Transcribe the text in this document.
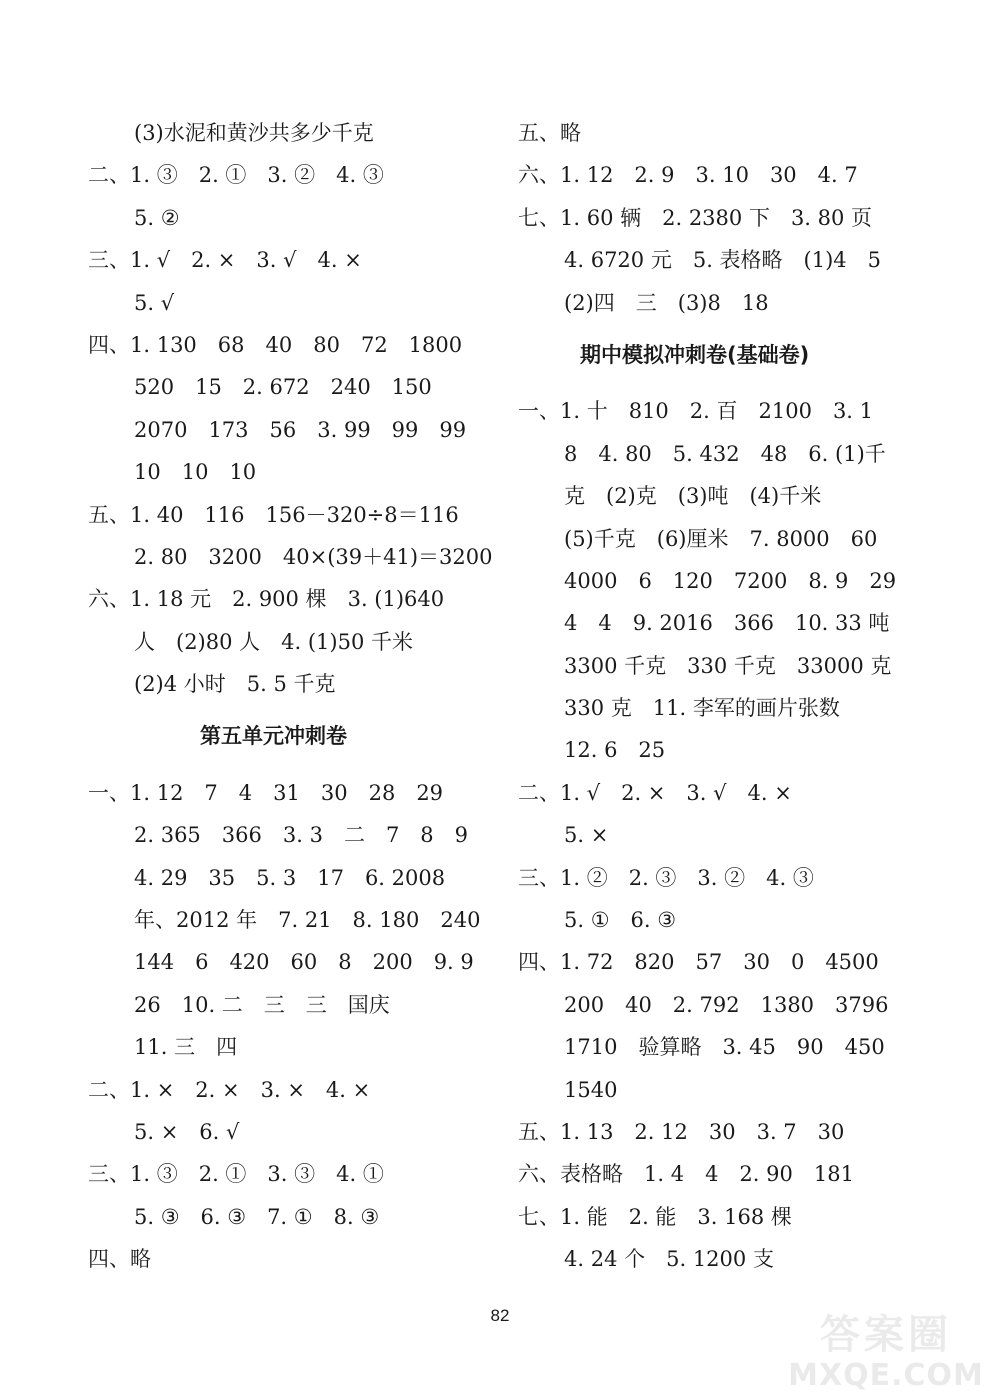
(3)水泥和黄沙共多少千克
二、1. ③　2. ①　3. ②　4. ③
5. ②
三、1. √　2. ×　3. √　4. ×
5. √
四、1. 130　68　40　80　72　1800
520　15　2. 672　240　150
2070　173　56　3. 99　99　99
10　10　10
五、1. 40　116　156－320÷8＝116
2. 80　3200　40×(39＋41)＝3200
六、1. 18 元　2. 900 棵　3. (1)640
人　(2)80 人　4. (1)50 千米
(2)4 小时　5. 5 千克
第五单元冲刺卷
一、1. 12　7　4　31　30　28　29
2. 365　366　3. 3　二　7　8　9
4. 29　35　5. 3　17　6. 2008
年、2012 年　7. 21　8. 180　240
144　6　420　60　8　200　9. 9
26　10. 二　三　三　国庆
11. 三　四
二、1. ×　2. ×　3. ×　4. ×
5. ×　6. √
三、1. ③　2. ①　3. ③　4. ①
5. ③　6. ③　7. ①　8. ③
四、略
五、略
六、1. 12　2. 9　3. 10　30　4. 7
七、1. 60 辆　2. 2380 下　3. 80 页
4. 6720 元　5. 表格略　(1)4　5
(2)四　三　(3)8　18
期中模拟冲刺卷(基础卷)
一、1. 十　810　2. 百　2100　3. 1
8　4. 80　5. 432　48　6. (1)千
克　(2)克　(3)吨　(4)千米
(5)千克　(6)厘米　7. 8000　60
4000　6　120　7200　8. 9　29
4　4　9. 2016　366　10. 33 吨
3300 千克　330 千克　33000 克
330 克　11. 李军的画片张数
12. 6　25
二、1. √　2. ×　3. √　4. ×
5. ×
三、1. ②　2. ③　3. ②　4. ③
5. ①　6. ③
四、1. 72　820　57　30　0　4500
200　40　2. 792　1380　3796
1710　验算略　3. 45　90　450
1540
五、1. 13　2. 12　30　3. 7　30
六、表格略　1. 4　4　2. 90　181
七、1. 能　2. 能　3. 168 棵
4. 24 个　5. 1200 支
82	答案圈
MXQE.COM
